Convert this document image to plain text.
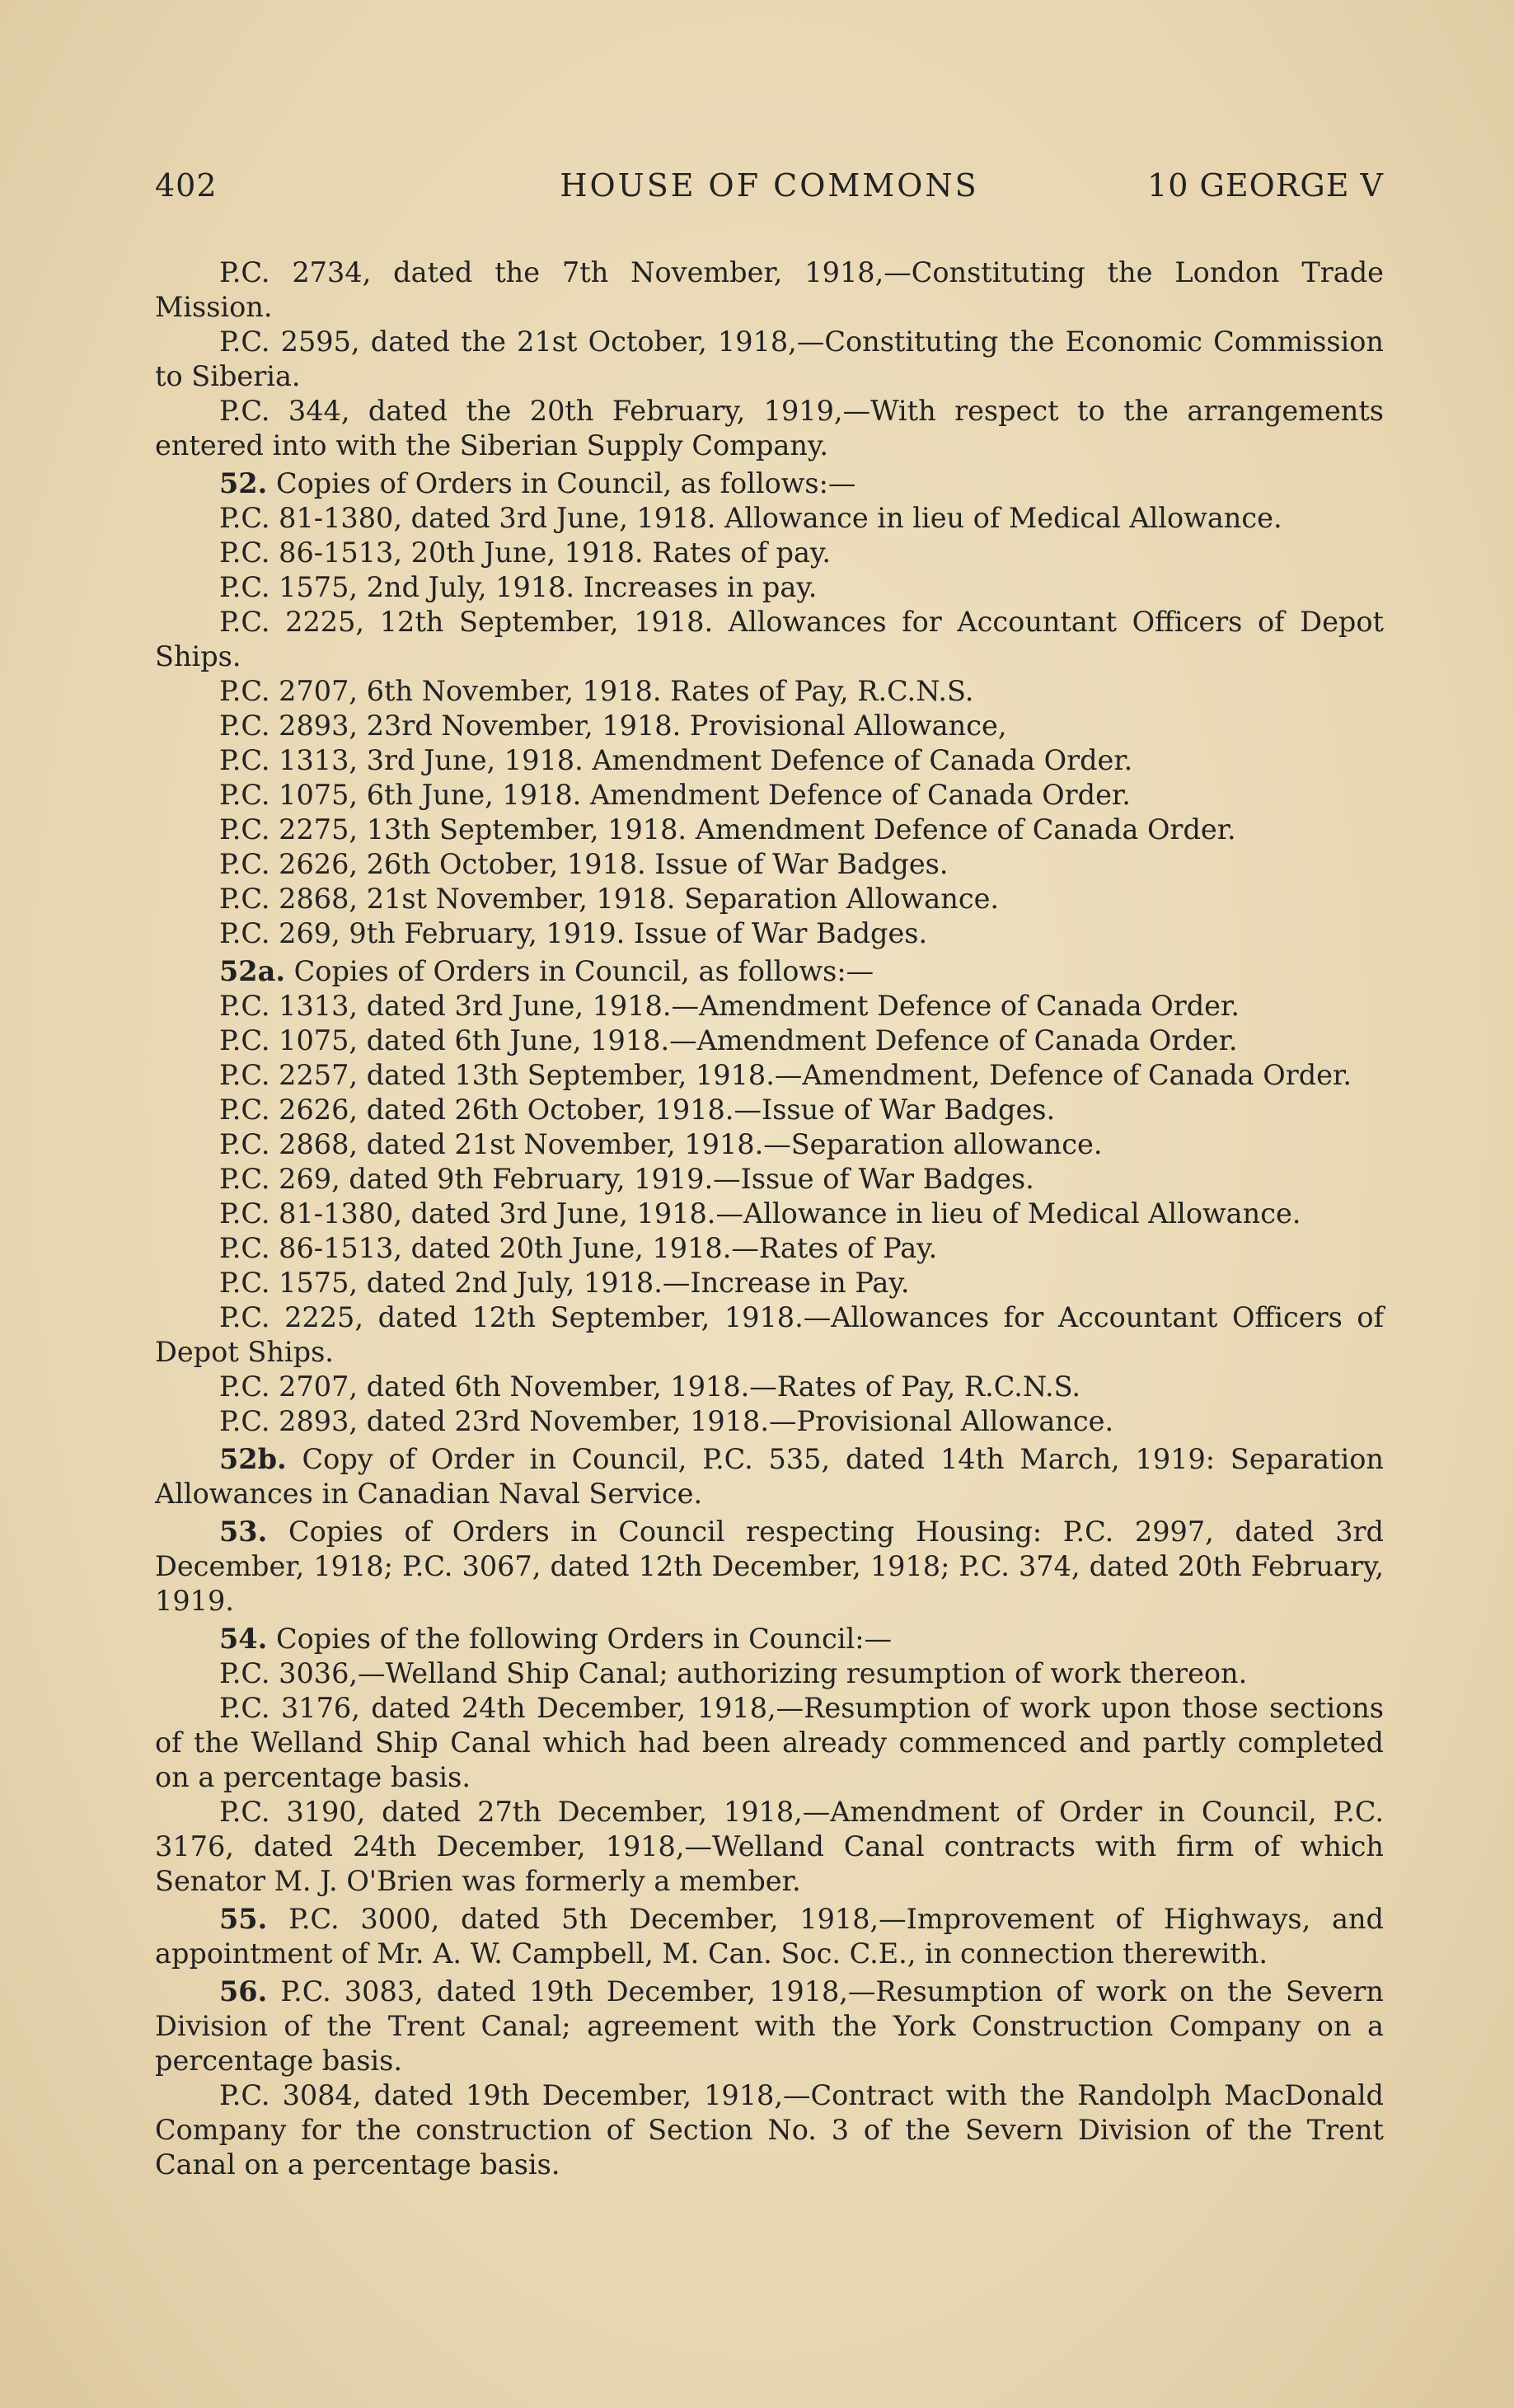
402	HOUSE OF COMMONS	10 GEORGE V

P.C. 2734, dated the 7th November, 1918,—Constituting the London Trade Mission.

P.C. 2595, dated the 21st October, 1918,—Constituting the Economic Commission to Siberia.

P.C. 344, dated the 20th February, 1919,—With respect to the arrangements entered into with the Siberian Supply Company.

52. Copies of Orders in Council, as follows:—

P.C. 81-1380, dated 3rd June, 1918. Allowance in lieu of Medical Allowance.

P.C. 86-1513, 20th June, 1918. Rates of pay.

P.C. 1575, 2nd July, 1918. Increases in pay.

P.C. 2225, 12th September, 1918. Allowances for Accountant Officers of Depot Ships.

P.C. 2707, 6th November, 1918. Rates of Pay, R.C.N.S.

P.C. 2893, 23rd November, 1918. Provisional Allowance,

P.C. 1313, 3rd June, 1918. Amendment Defence of Canada Order.

P.C. 1075, 6th June, 1918. Amendment Defence of Canada Order.

P.C. 2275, 13th September, 1918. Amendment Defence of Canada Order.

P.C. 2626, 26th October, 1918. Issue of War Badges.

P.C. 2868, 21st November, 1918. Separation Allowance.

P.C. 269, 9th February, 1919. Issue of War Badges.

52a. Copies of Orders in Council, as follows:—

P.C. 1313, dated 3rd June, 1918.—Amendment Defence of Canada Order.

P.C. 1075, dated 6th June, 1918.—Amendment Defence of Canada Order.

P.C. 2257, dated 13th September, 1918.—Amendment, Defence of Canada Order.

P.C. 2626, dated 26th October, 1918.—Issue of War Badges.

P.C. 2868, dated 21st November, 1918.—Separation allowance.

P.C. 269, dated 9th February, 1919.—Issue of War Badges.

P.C. 81-1380, dated 3rd June, 1918.—Allowance in lieu of Medical Allowance.

P.C. 86-1513, dated 20th June, 1918.—Rates of Pay.

P.C. 1575, dated 2nd July, 1918.—Increase in Pay.

P.C. 2225, dated 12th September, 1918.—Allowances for Accountant Officers of Depot Ships.

P.C. 2707, dated 6th November, 1918.—Rates of Pay, R.C.N.S.

P.C. 2893, dated 23rd November, 1918.—Provisional Allowance.

52b. Copy of Order in Council, P.C. 535, dated 14th March, 1919: Separation Allowances in Canadian Naval Service.

53. Copies of Orders in Council respecting Housing: P.C. 2997, dated 3rd December, 1918; P.C. 3067, dated 12th December, 1918; P.C. 374, dated 20th February, 1919.

54. Copies of the following Orders in Council:—

P.C. 3036,—Welland Ship Canal; authorizing resumption of work thereon.

P.C. 3176, dated 24th December, 1918,—Resumption of work upon those sections of the Welland Ship Canal which had been already commenced and partly completed on a percentage basis.

P.C. 3190, dated 27th December, 1918,—Amendment of Order in Council, P.C. 3176, dated 24th December, 1918,—Welland Canal contracts with firm of which Senator M. J. O'Brien was formerly a member.

55. P.C. 3000, dated 5th December, 1918,—Improvement of Highways, and appointment of Mr. A. W. Campbell, M. Can. Soc. C.E., in connection therewith.

56. P.C. 3083, dated 19th December, 1918,—Resumption of work on the Severn Division of the Trent Canal; agreement with the York Construction Company on a percentage basis.

P.C. 3084, dated 19th December, 1918,—Contract with the Randolph MacDonald Company for the construction of Section No. 3 of the Severn Division of the Trent Canal on a percentage basis.
